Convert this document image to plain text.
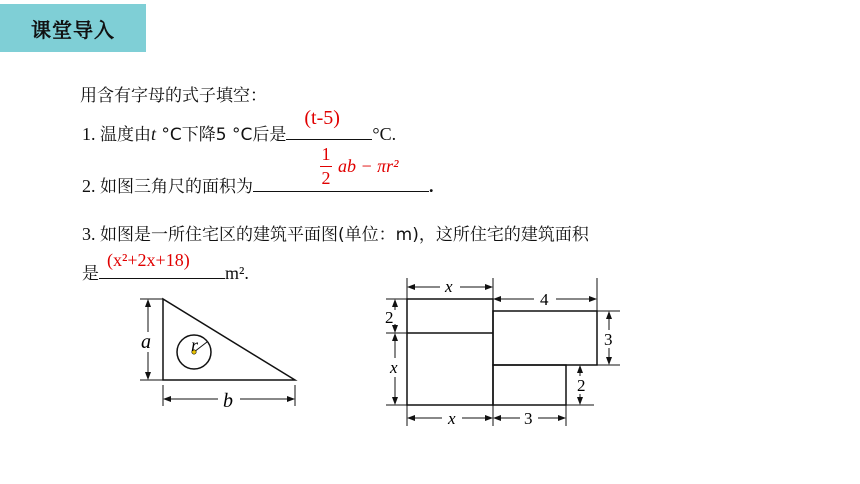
课堂导入
用含有字母的式子填空：
1. 温度由t °C下降5 °C后是
(t-5)
°C.
2. 如图三角尺的面积为	.
1
2
ab − πr²
3. 如图是一所住宅区的建筑平面图(单位：m)，这所住宅的建筑面积
是
(x²+2x+18)
m².
r
a
b
x
4
2
x
3
2
x	3
